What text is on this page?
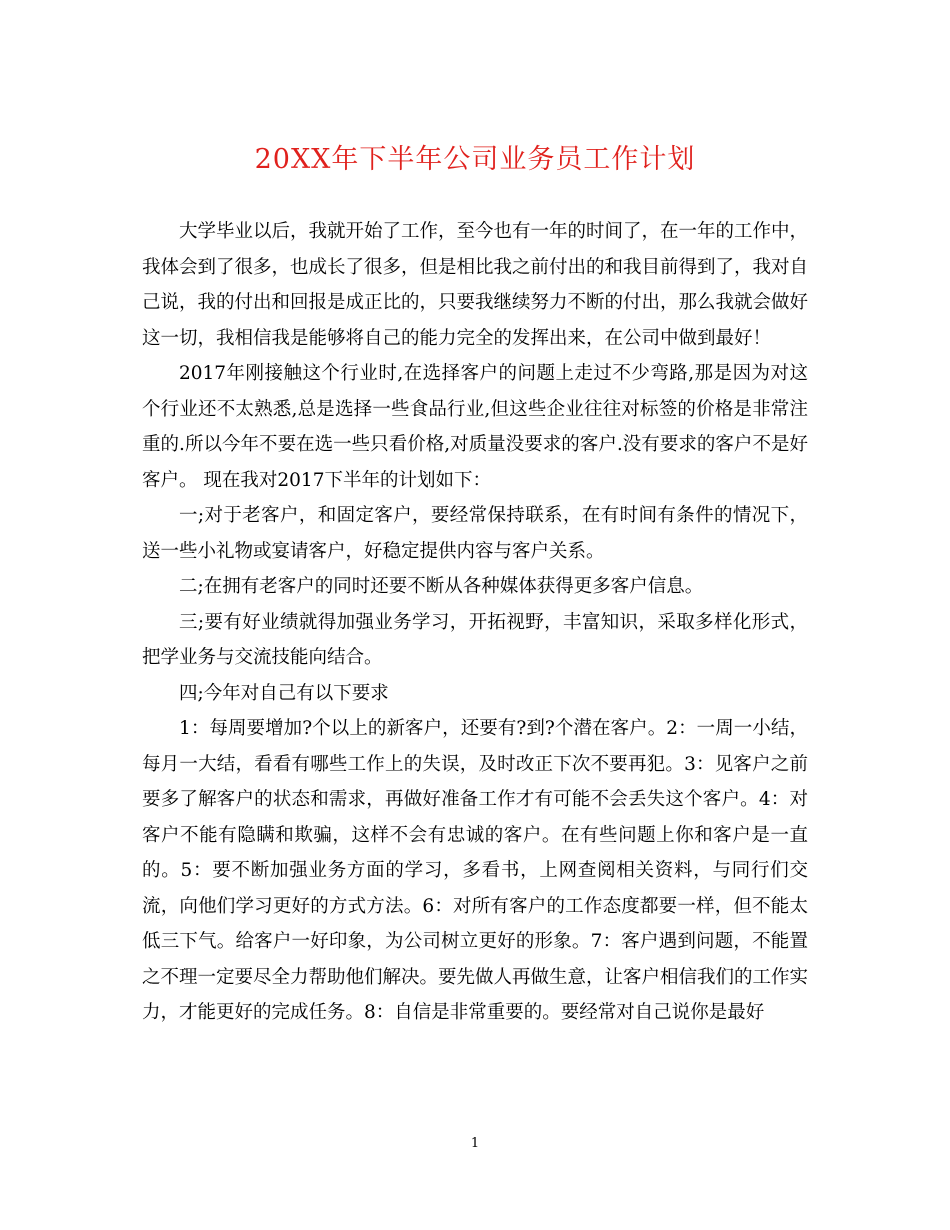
20XX年下半年公司业务员工作计划

大学毕业以后，我就开始了工作，至今也有一年的时间了，在一年的工作中，我体会到了很多，也成长了很多，但是相比我之前付出的和我目前得到了，我对自己说，我的付出和回报是成正比的，只要我继续努力不断的付出，那么我就会做好这一切，我相信我是能够将自己的能力完全的发挥出来，在公司中做到最好！

2017年刚接触这个行业时,在选择客户的问题上走过不少弯路,那是因为对这个行业还不太熟悉,总是选择一些食品行业,但这些企业往往对标签的价格是非常注重的.所以今年不要在选一些只看价格,对质量没要求的客户.没有要求的客户不是好客户。 现在我对2017下半年的计划如下：

一;对于老客户，和固定客户，要经常保持联系，在有时间有条件的情况下，送一些小礼物或宴请客户，好稳定提供内容与客户关系。

二;在拥有老客户的同时还要不断从各种媒体获得更多客户信息。

三;要有好业绩就得加强业务学习，开拓视野，丰富知识，采取多样化形式，把学业务与交流技能向结合。

四;今年对自己有以下要求

1：每周要增加?个以上的新客户，还要有?到?个潜在客户。2：一周一小结，每月一大结，看看有哪些工作上的失误，及时改正下次不要再犯。3：见客户之前要多了解客户的状态和需求，再做好准备工作才有可能不会丢失这个客户。4：对客户不能有隐瞒和欺骗，这样不会有忠诚的客户。在有些问题上你和客户是一直的。5：要不断加强业务方面的学习，多看书，上网查阅相关资料，与同行们交流，向他们学习更好的方式方法。6：对所有客户的工作态度都要一样，但不能太低三下气。给客户一好印象，为公司树立更好的形象。7：客户遇到问题，不能置之不理一定要尽全力帮助他们解决。要先做人再做生意，让客户相信我们的工作实力，才能更好的完成任务。8：自信是非常重要的。要经常对自己说你是最好

1
